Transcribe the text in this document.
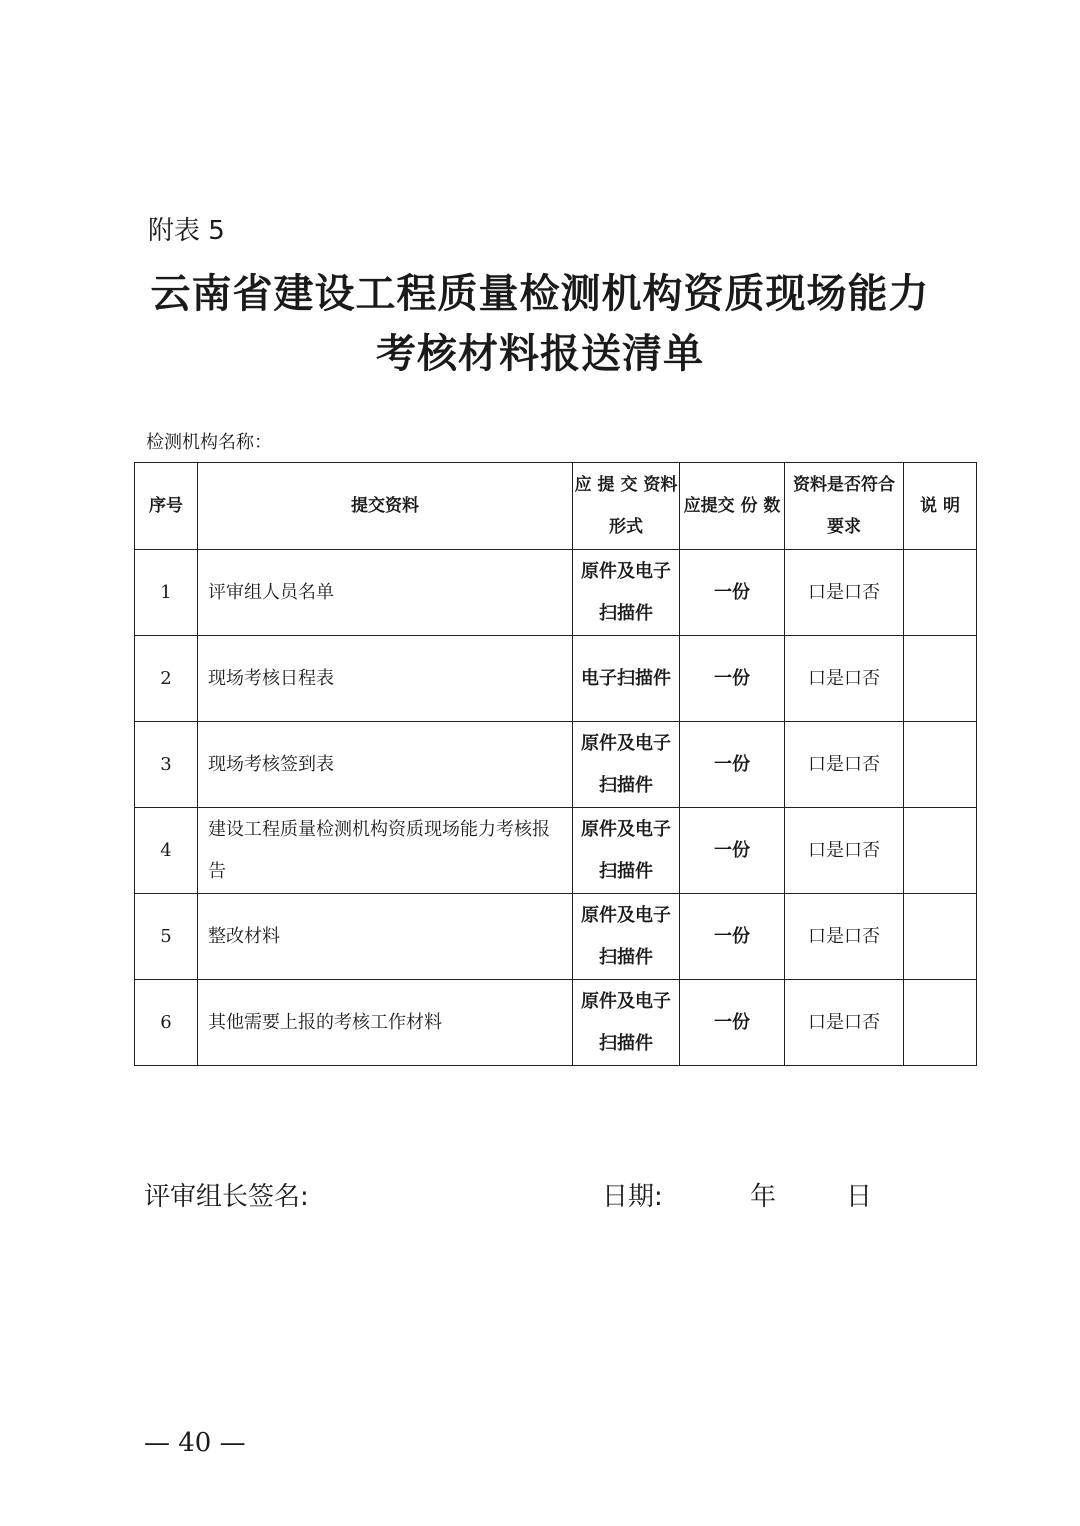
附表 5
云南省建设工程质量检测机构资质现场能力
考核材料报送清单
检测机构名称：
序号	提交资料	应 提 交 资料形式	应提交 份 数	资料是否符合 要求	说 明
1	评审组人员名单	原件及电子扫描件	一份	口是口否	
2	现场考核日程表	电子扫描件	一份	口是口否	
3	现场考核签到表	原件及电子扫描件	一份	口是口否	
4	建设工程质量检测机构资质现场能力考核报告	原件及电子扫描件	一份	口是口否	
5	整改材料	原件及电子扫描件	一份	口是口否	
6	其他需要上报的考核工作材料	原件及电子扫描件	一份	口是口否	
评审组长签名:	日期:	年	日
— 40 —
